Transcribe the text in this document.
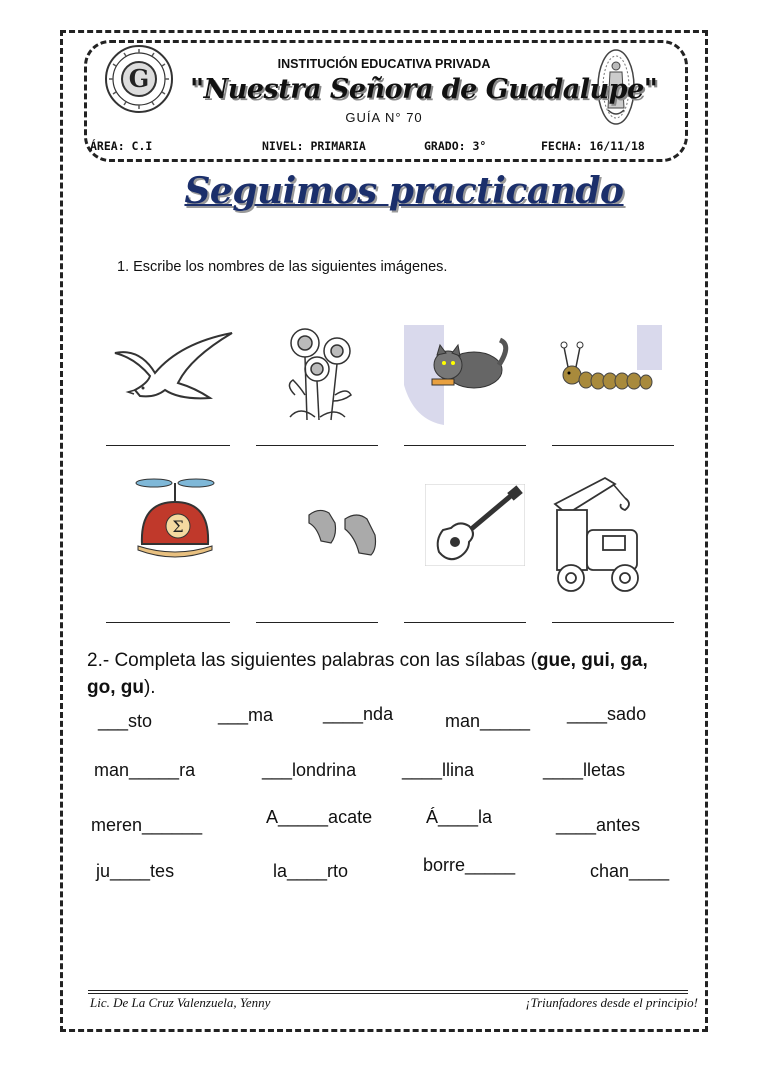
G	INSTITUCIÓN EDUCATIVA PRIVADA
"Nuestra Señora de Guadalupe"
GUÍA N° 70
ÁREA: C.I	NIVEL: PRIMARIA	GRADO: 3°	FECHA: 16/11/18
Seguimos practicando
1. Escribe los nombres de las siguientes imágenes.
Σ
2.- Completa las siguientes palabras con las sílabas (gue, gui, ga, go, gu).
___sto	___ma	____nda	man_____ ____sado
man_____ra	___londrina	____llina	____lletas
meren______	A_____acate	Á____la	____antes
ju____tes	la____rto	borre_____	chan____
Lic. De La Cruz Valenzuela, Yenny	¡Triunfadores desde el principio!
